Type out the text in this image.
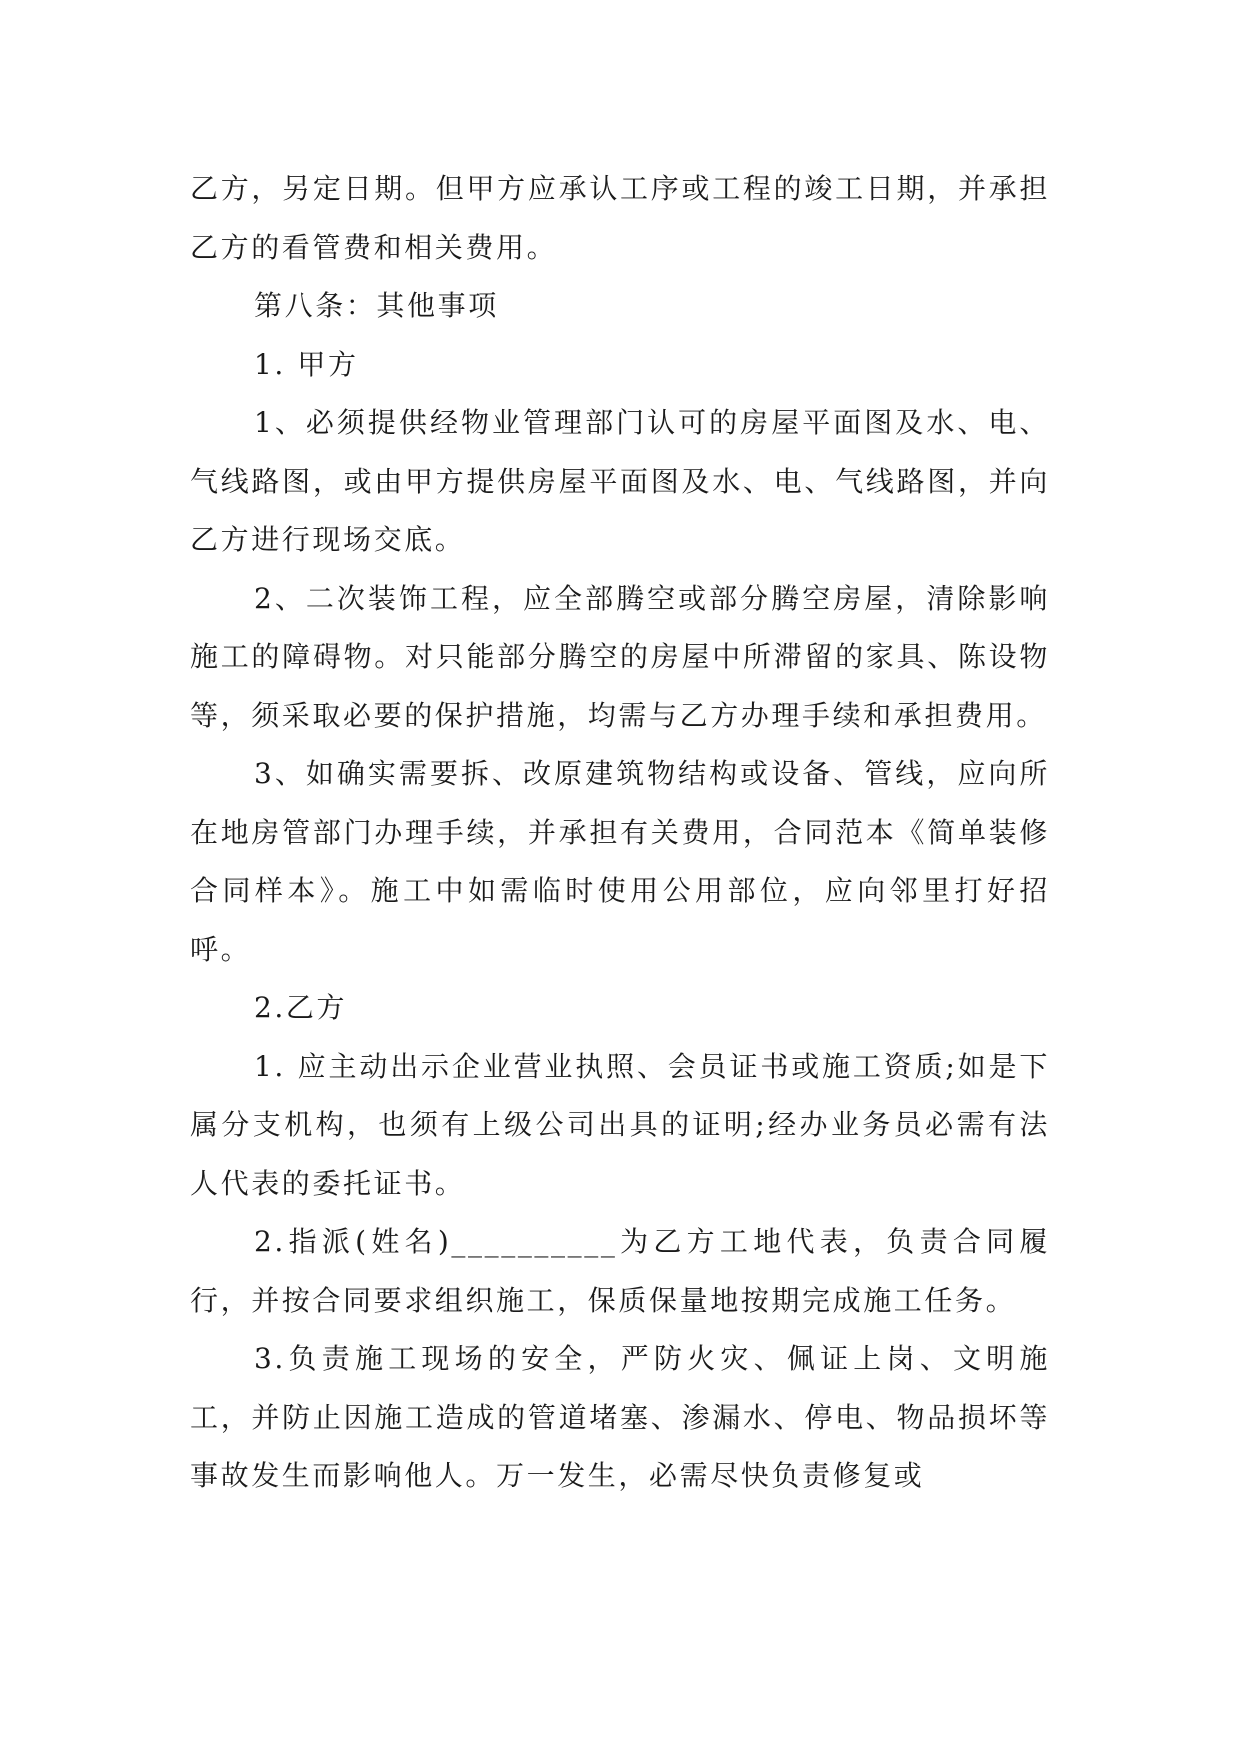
乙方，另定日期。但甲方应承认工序或工程的竣工日期，并承担乙方的看管费和相关费用。

第八条：其他事项

1. 甲方

1、必须提供经物业管理部门认可的房屋平面图及水、电、气线路图，或由甲方提供房屋平面图及水、电、气线路图，并向乙方进行现场交底。

2、二次装饰工程，应全部腾空或部分腾空房屋，清除影响施工的障碍物。对只能部分腾空的房屋中所滞留的家具、陈设物等，须采取必要的保护措施，均需与乙方办理手续和承担费用。

3、如确实需要拆、改原建筑物结构或设备、管线，应向所在地房管部门办理手续，并承担有关费用，合同范本《简单装修合同样本》。施工中如需临时使用公用部位，应向邻里打好招呼。

2.乙方

1. 应主动出示企业营业执照、会员证书或施工资质;如是下属分支机构，也须有上级公司出具的证明;经办业务员必需有法人代表的委托证书。

2.指派(姓名)__________为乙方工地代表，负责合同履行，并按合同要求组织施工，保质保量地按期完成施工任务。

3.负责施工现场的安全，严防火灾、佩证上岗、文明施工，并防止因施工造成的管道堵塞、渗漏水、停电、物品损坏等事故发生而影响他人。万一发生，必需尽快负责修复或
